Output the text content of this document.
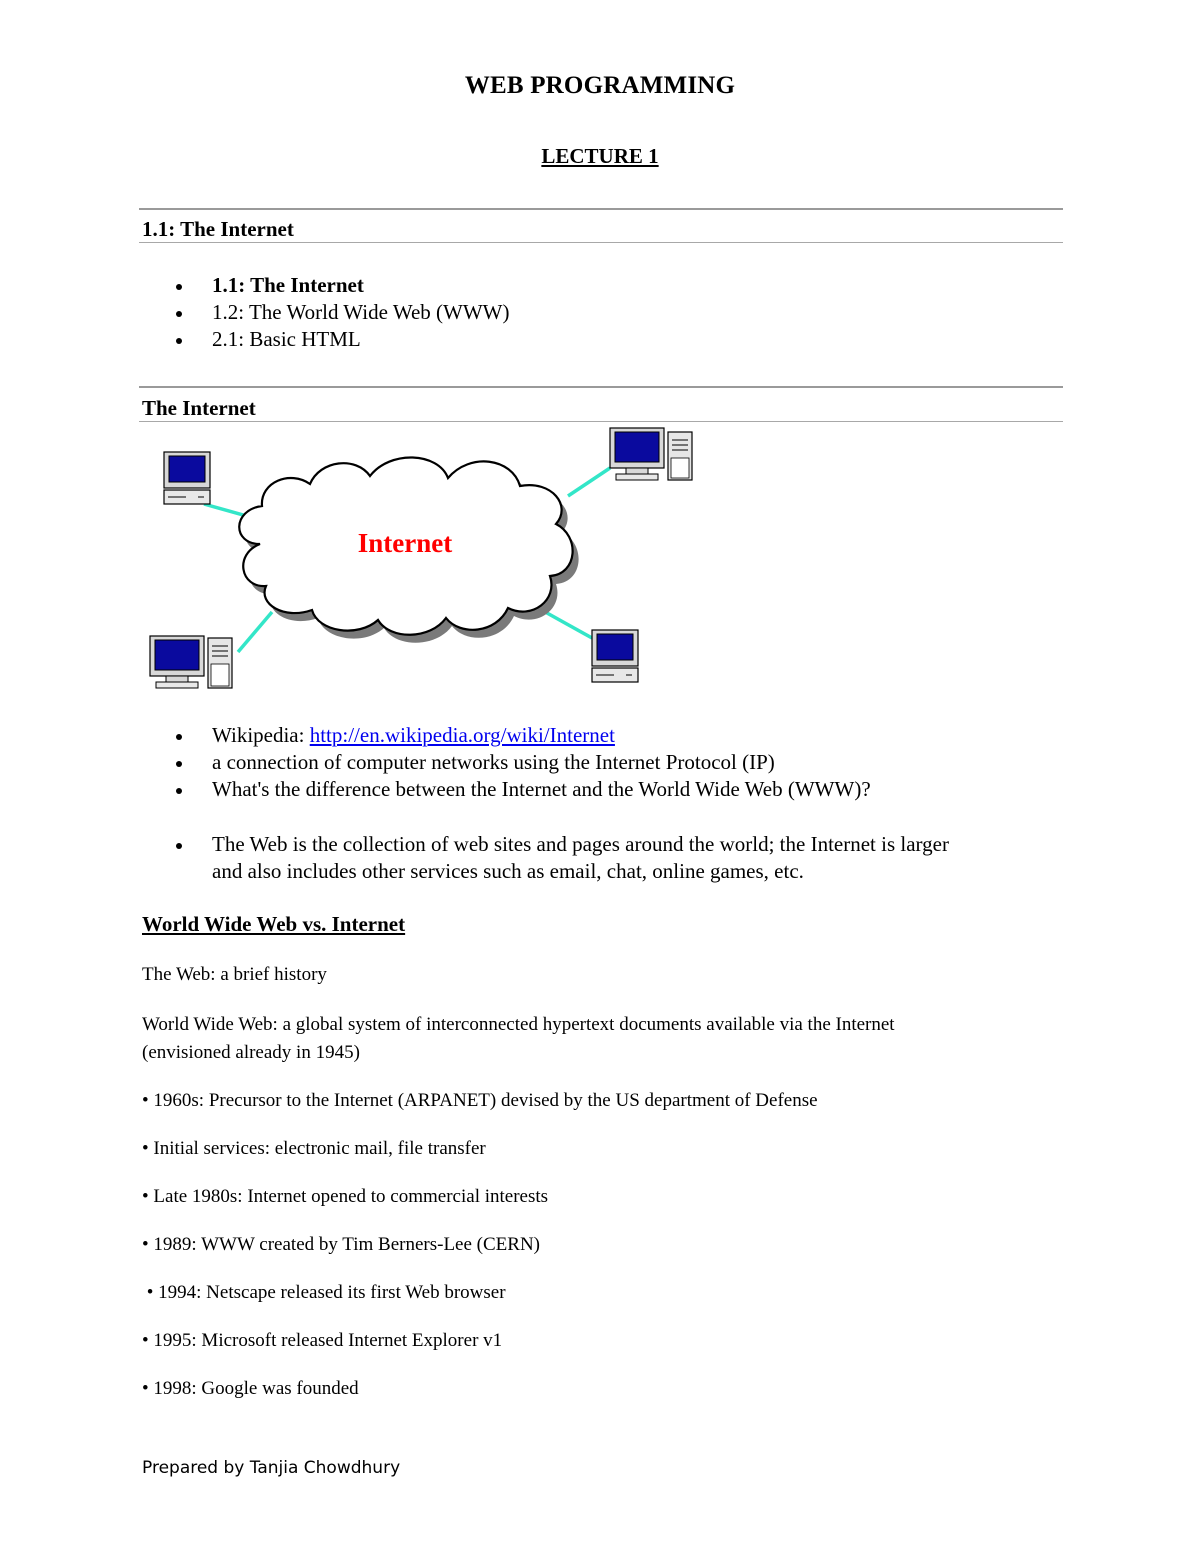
WEB PROGRAMMING
LECTURE 1
1.1: The Internet
1.1: The Internet
1.2: The World Wide Web (WWW)
2.1: Basic HTML
The Internet
Internet
Wikipedia: http://en.wikipedia.org/wiki/Internet
a connection of computer networks using the Internet Protocol (IP)
What's the difference between the Internet and the World Wide Web (WWW)?
The Web is the collection of web sites and pages around the world; the Internet is larger
and also includes other services such as email, chat, online games, etc.
World Wide Web vs. Internet

The Web: a brief history

World Wide Web: a global system of interconnected hypertext documents available via the Internet
(envisioned already in 1945)

• 1960s: Precursor to the Internet (ARPANET) devised by the US department of Defense

• Initial services: electronic mail, file transfer

• Late 1980s: Internet opened to commercial interests

• 1989: WWW created by Tim Berners-Lee (CERN)

• 1994: Netscape released its first Web browser

• 1995: Microsoft released Internet Explorer v1

• 1998: Google was founded

Prepared by Tanjia Chowdhury
